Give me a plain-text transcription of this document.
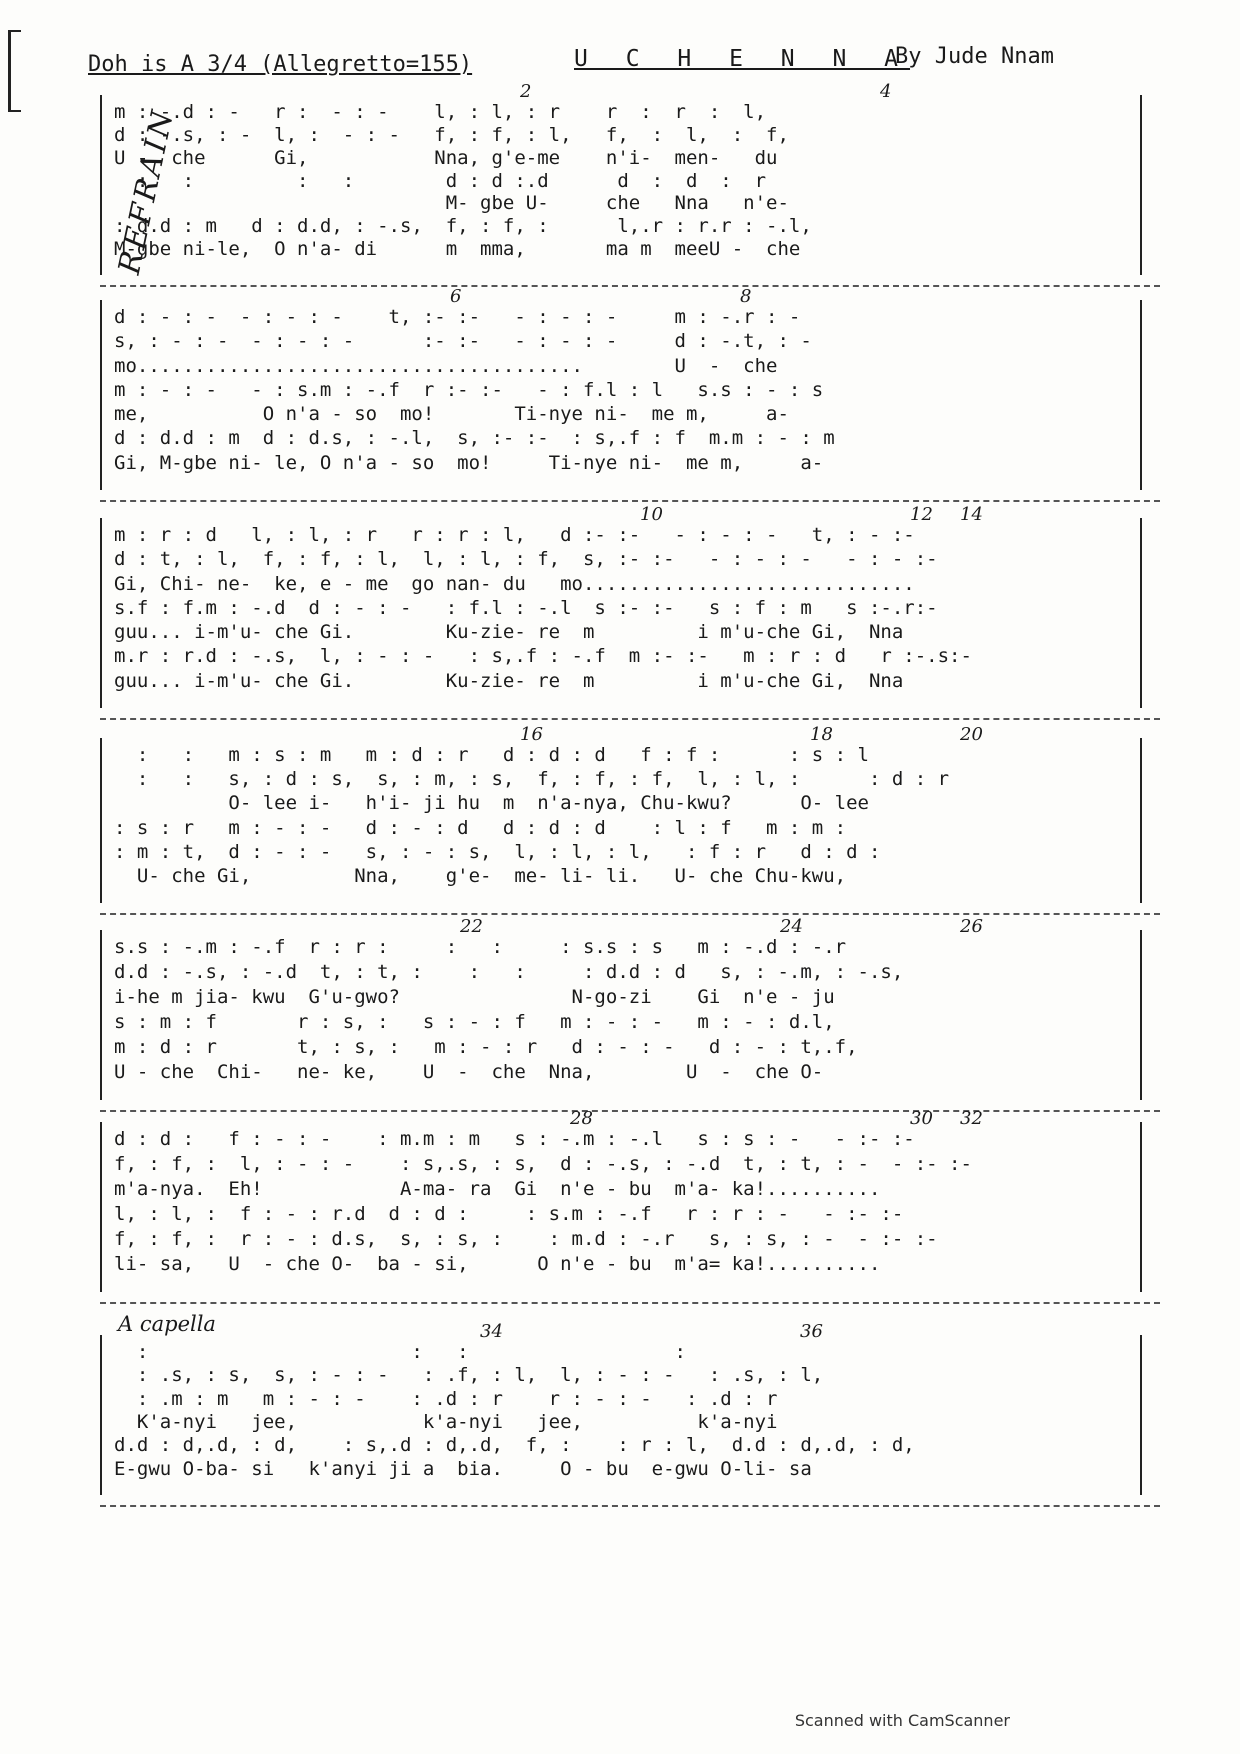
Doh is A 3/4 (Allegretto=155)	U C H E N N A
By Jude Nnam
REFRAIN
2	4
m : -.d : -   r :  - : -    l, : l, : r    r  :  r  :  l,
d : -.s, : -  l, :  - : -   f, : f, : l,   f,  :  l,  :  f,
U -  che      Gi,           Nna, g'e-me    n'i-  men-   du
:   :         :   :        d : d :.d      d  :  d  :  r
M- gbe U-     che   Nna   n'e-
: d.d : m   d : d.d, : -.s,  f, : f, :      l,.r : r.r : -.l,
M-gbe ni-le,  O n'a- di      m  mma,       ma m  meeU -  che
6	8
d : - : -  - : - : -    t, :- :-   - : - : -     m : -.r : -
s, : - : -  - : - : -      :- :-   - : - : -     d : -.t, : -
mo.......................................        U  -  che
m : - : -   - : s.m : -.f  r :- :-   - : f.l : l   s.s : - : s
me,          O n'a - so  mo!       Ti-nye ni-  me m,     a-
d : d.d : m  d : d.s, : -.l,  s, :- :-  : s,.f : f  m.m : - : m
Gi, M-gbe ni- le, O n'a - so  mo!     Ti-nye ni-  me m,     a-
10	12 14
m : r : d   l, : l, : r   r : r : l,   d :- :-   - : - : -   t, : - :-
d : t, : l,  f, : f, : l,  l, : l, : f,  s, :- :-   - : - : -   - : - :-
Gi, Chi- ne-  ke, e - me  go nan- du   mo.............................
s.f : f.m : -.d  d : - : -   : f.l : -.l  s :- :-   s : f : m   s :-.r:-
guu... i-m'u- che Gi.        Ku-zie- re  m         i m'u-che Gi,  Nna
m.r : r.d : -.s,  l, : - : -   : s,.f : -.f  m :- :-   m : r : d   r :-.s:-
guu... i-m'u- che Gi.        Ku-zie- re  m         i m'u-che Gi,  Nna
16	18	20
:   :   m : s : m   m : d : r   d : d : d   f : f :      : s : l
:   :   s, : d : s,  s, : m, : s,  f, : f, : f,  l, : l, :      : d : r
O- lee i-   h'i- ji hu  m  n'a-nya, Chu-kwu?      O- lee
: s : r   m : - : -   d : - : d   d : d : d    : l : f   m : m :
: m : t,  d : - : -   s, : - : s,  l, : l, : l,   : f : r   d : d :
U- che Gi,         Nna,    g'e-  me- li- li.   U- che Chu-kwu,
22	24	26
s.s : -.m : -.f  r : r :     :   :     : s.s : s   m : -.d : -.r
d.d : -.s, : -.d  t, : t, :    :   :     : d.d : d   s, : -.m, : -.s,
i-he m jia- kwu  G'u-gwo?               N-go-zi    Gi  n'e - ju
s : m : f       r : s, :   s : - : f   m : - : -   m : - : d.l,
m : d : r       t, : s, :   m : - : r   d : - : -   d : - : t,.f,
U - che  Chi-   ne- ke,    U  -  che  Nna,        U  -  che O-
28	30 32
d : d :   f : - : -    : m.m : m   s : -.m : -.l   s : s : -   - :- :-
f, : f, :  l, : - : -    : s,.s, : s,  d : -.s, : -.d  t, : t, : -  - :- :-
m'a-nya.  Eh!            A-ma- ra  Gi  n'e - bu  m'a- ka!..........
l, : l, :  f : - : r.d  d : d :     : s.m : -.f   r : r : -   - :- :-
f, : f, :  r : - : d.s,  s, : s, :    : m.d : -.r   s, : s, : -  - :- :-
li- sa,   U  - che O-  ba - si,      O n'e - bu  m'a= ka!..........
34	36
:                       :   :                  :
: .s, : s,  s, : - : -   : .f, : l,  l, : - : -   : .s, : l,
: .m : m   m : - : -    : .d : r    r : - : -   : .d : r
K'a-nyi   jee,           k'a-nyi   jee,          k'a-nyi
d.d : d,.d, : d,    : s,.d : d,.d,  f, :    : r : l,  d.d : d,.d, : d,
E-gwu O-ba- si   k'anyi ji a  bia.     O - bu  e-gwu O-li- sa
A capella
Scanned with CamScanner
